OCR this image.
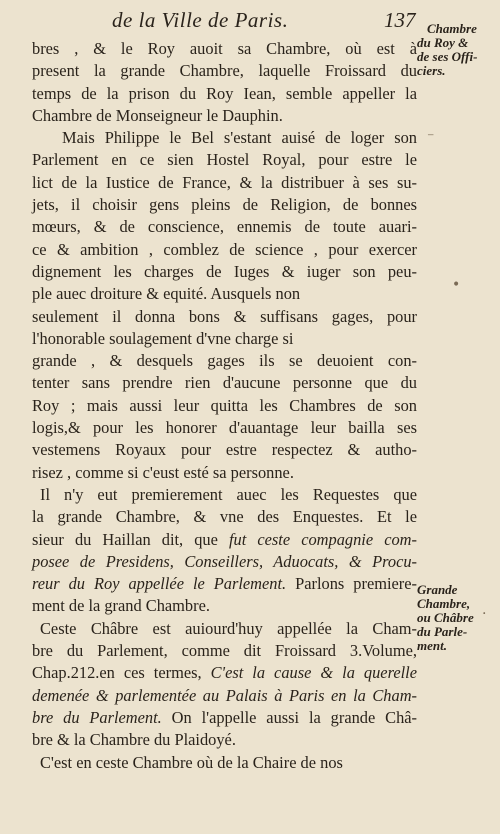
de la Ville de Paris.	137
bres , & le Roy auoit sa Chambre, où est à
present la grande Chambre, laquelle Froissard du
temps de la prison du Roy Iean, semble appeller la
Chambre de Monseigneur le Dauphin.
Mais Philippe le Bel s'estant auisé de loger son
Parlement en ce sien Hostel Royal, pour estre le
lict de la Iustice de France, & la distribuer à ses su-
jets, il choisir gens pleins de Religion, de bonnes
mœurs, & de conscience, ennemis de toute auari-
ce & ambition , comblez de science , pour exercer
dignement les charges de Iuges & iuger son peu-
ple auec droiture & equité. Ausquels non
seulement il donna bons & suffisans gages, pour
l'honorable soulagement d'vne charge si
grande , & desquels gages ils se deuoient con-
tenter sans prendre rien d'aucune personne que du
Roy ; mais aussi leur quitta les Chambres de son
logis,& pour les honorer d'auantage leur bailla ses
vestemens Royaux pour estre respectez & autho-
risez , comme si c'eust esté sa personne.
Il n'y eut premierement auec les Requestes que
la grande Chambre, & vne des Enquestes. Et le
sieur du Haillan dit, que fut ceste compagnie com-
posee de Presidens, Conseillers, Aduocats, & Procu-
reur du Roy appellée le Parlement. Parlons premiere-
ment de la grand Chambre.
Ceste Châbre est auiourd'huy appellée la Cham-
bre du Parlement, comme dit Froissard 3.Volume,
Chap.212.en ces termes, C'est la cause & la querelle
demenée & parlementée au Palais à Paris en la Cham-
bre du Parlement. On l'appelle aussi la grande Châ-
bre & la Chambre du Plaidoyé.
C'est en ceste Chambre où de la Chaire de nos
Chambre
du Roy &
de ses Offi-
ciers.
Grande
Chambre,
ou Châbre
du Parle-
ment.
⁻
•
.
